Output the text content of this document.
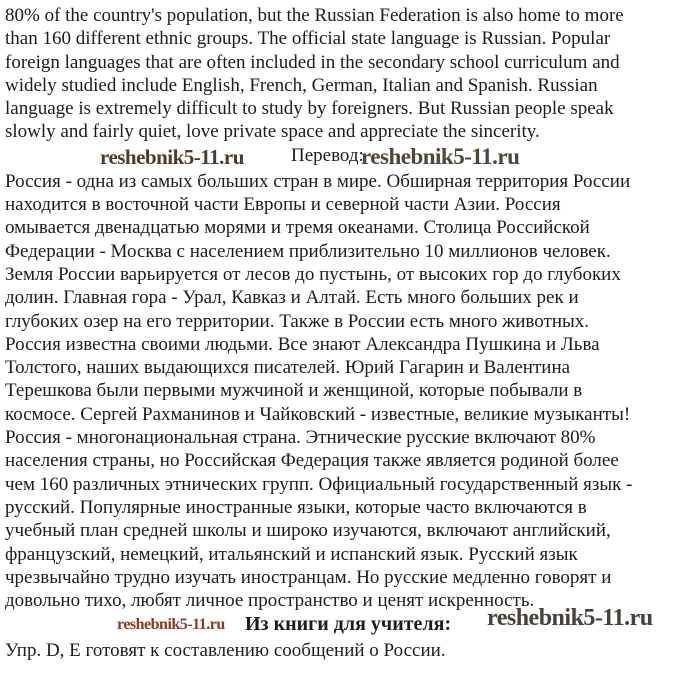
80% of the country's population, but the Russian Federation is also home to more
than 160 different ethnic groups. The official state language is Russian. Popular
foreign languages that are often included in the secondary school curriculum and
widely studied include English, French, German, Italian and Spanish. Russian
language is extremely difficult to study by foreigners. But Russian people speak
slowly and fairly quiet, love private space and appreciate the sincerity.
reshebnik5-11.ru Перевод:
reshebnik5-11.ru
Россия - одна из самых больших стран в мире. Обширная территория России
находится в восточной части Европы и северной части Азии. Россия
омывается двенадцатью морями и тремя океанами. Столица Российской
Федерации - Москва с населением приблизительно 10 миллионов человек.
Земля России варьируется от лесов до пустынь, от высоких гор до глубоких
долин. Главная гора - Урал, Кавказ и Алтай. Есть много больших рек и
глубоких озер на его территории. Также в России есть много животных.
Россия известна своими людьми. Все знают Александра Пушкина и Льва
Толстого, наших выдающихся писателей. Юрий Гагарин и Валентина
Терешкова были первыми мужчиной и женщиной, которые побывали в
космосе. Сергей Рахманинов и Чайковский - известные, великие музыканты!
Россия - многонациональная страна. Этнические русские включают 80%
населения страны, но Российская Федерация также является родиной более
чем 160 различных этнических групп. Официальный государственный язык -
русский. Популярные иностранные языки, которые часто включаются в
учебный план средней школы и широко изучаются, включают английский,
французский, немецкий, итальянский и испанский язык. Русский язык
чрезвычайно трудно изучать иностранцам. Но русские медленно говорят и
довольно тихо, любят личное пространство и ценят искренность.
reshebnik5-11.ru Из книги для учителя: reshebnik5-11.ru
Упр. D, Е готовят к составлению сообщений о России.
